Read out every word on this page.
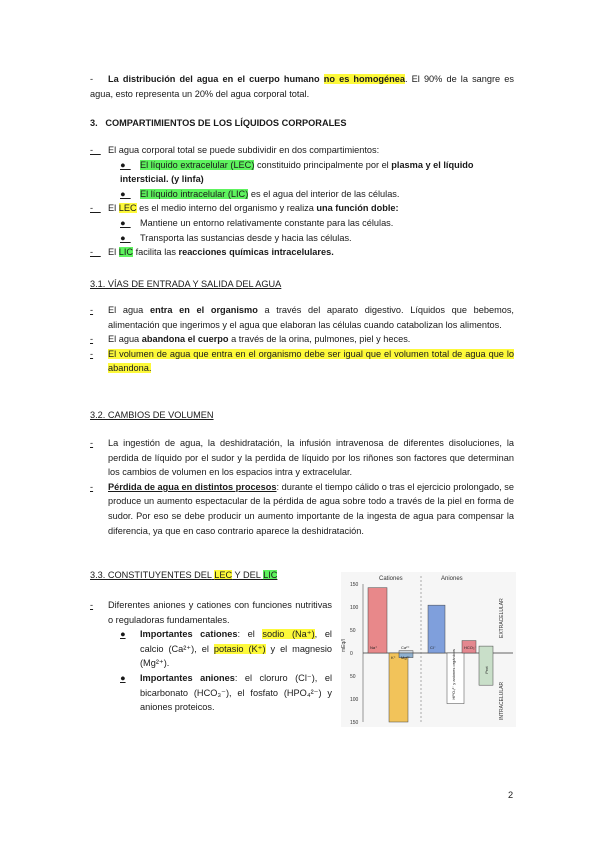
- La distribución del agua en el cuerpo humano no es homogénea. El 90% de la sangre es agua, esto representa un 20% del agua corporal total.
3. COMPARTIMIENTOS DE LOS LÍQUIDOS CORPORALES
-   El agua corporal total se puede subdividir en dos compartimientos:
●  El líquido extracelular (LEC) constituido principalmente por el plasma y el líquido intersticial. (y linfa)
●  El líquido intracelular (LIC) es el agua del interior de las células.
-   El LEC es el medio interno del organismo y realiza una función doble:
●  Mantiene un entorno relativamente constante para las células.
●  Transporta las sustancias desde y hacia las células.
-   El LIC facilita las reacciones químicas intracelulares.
3.1. VÍAS DE ENTRADA Y SALIDA DEL AGUA
-	El agua entra en el organismo a través del aparato digestivo. Líquidos que bebemos, alimentación que ingerimos y el agua que elaboran las células cuando catabolizan los alimentos.
-	El agua abandona el cuerpo a través de la orina, pulmones, piel y heces.
-	El volumen de agua que entra en el organismo debe ser igual que el volumen total de agua que lo abandona.
3.2. CAMBIOS DE VOLUMEN
-	La ingestión de agua, la deshidratación, la infusión intravenosa de diferentes disoluciones, la perdida de líquido por el sudor y la perdida de líquido por los riñones son factores que determinan los cambios de volumen en los espacios intra y extracelular.
-	Pérdida de agua en distintos procesos: durante el tiempo cálido o tras el ejercicio prolongado, se produce un aumento espectacular de la pérdida de agua sobre todo a través de la piel en forma de sudor. Por eso se debe producir un aumento importante de la ingesta de agua para compensar la diferencia, ya que en caso contrario aparece la deshidratación.
3.3. CONSTITUYENTES DEL LEC Y DEL LIC
-	Diferentes aniones y cationes con funciones nutritivas o reguladoras fundamentales.
●	Importantes cationes: el sodio (Na⁺), el calcio (Ca²⁺), el potasio (K⁺) y el magnesio (Mg²⁺).
●	Importantes aniones: el cloruro (Cl⁻), el bicarbonato (HCO₃⁻), el fosfato (HPO₄²⁻) y aniones proteicos.
Cationes	Aniones
mEq/l
EXTRACELULAR
INTRACELULAR
150
100
50
0
50
100
150
Na⁺
K⁺
Ca²⁺
Mg²⁺
Cl⁻
HPO₄²⁻ y aniones orgánicos
HCO₃⁻
Prot
2
